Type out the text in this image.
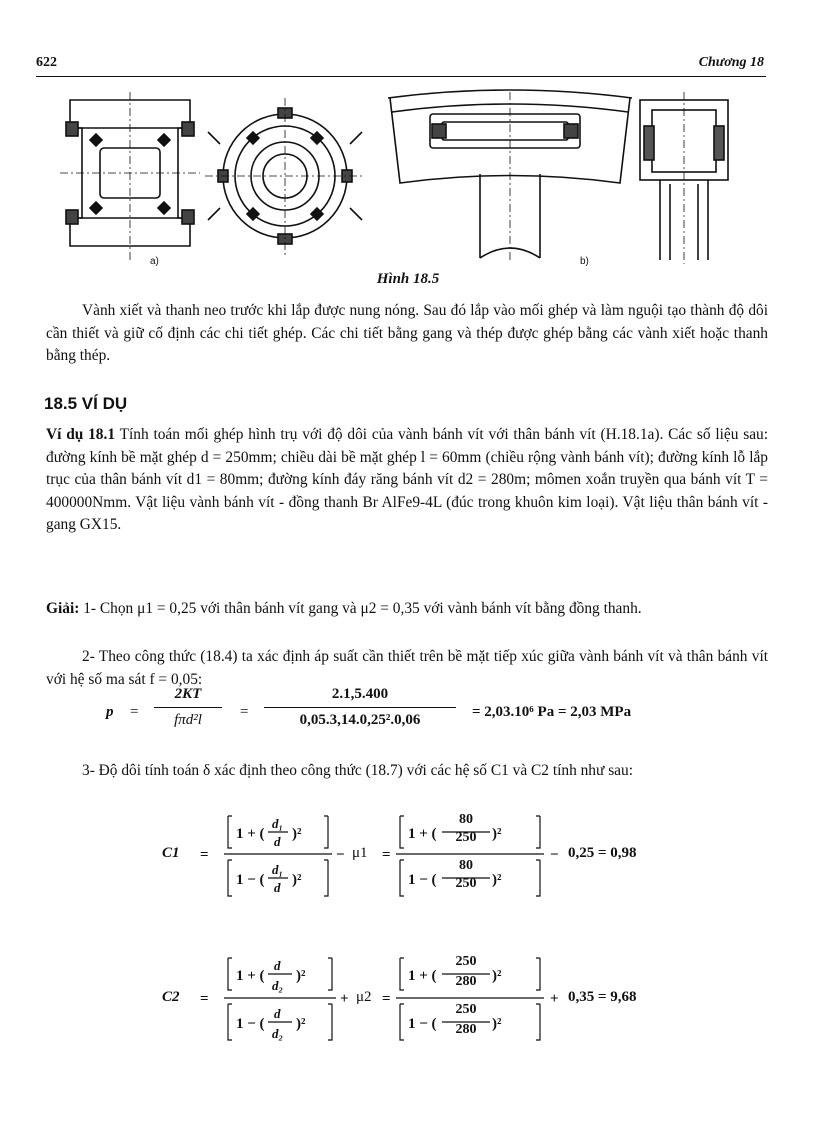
622	Chương 18
a)	b)
Hình 18.5
Vành xiết và thanh neo trước khi lắp được nung nóng. Sau đó lắp vào mối ghép và làm nguội tạo thành độ dôi cần thiết và giữ cố định các chi tiết ghép. Các chi tiết bằng gang và thép được ghép bằng các vành xiết hoặc thanh bằng thép.
18.5 VÍ DỤ
Ví dụ 18.1 Tính toán mối ghép hình trụ với độ dôi của vành bánh vít với thân bánh vít (H.18.1a). Các số liệu sau: đường kính bề mặt ghép d = 250mm; chiều dài bề mặt ghép l = 60mm (chiều rộng vành bánh vít); đường kính lỗ lắp trục của thân bánh vít d1 = 80mm; đường kính đáy răng bánh vít d2 = 280m; mômen xoắn truyền qua bánh vít T = 400000Nmm. Vật liệu vành bánh vít - đồng thanh Br AlFe9-4L (đúc trong khuôn kim loại). Vật liệu thân bánh vít - gang GX15.
Giải: 1- Chọn μ1 = 0,25 với thân bánh vít gang và μ2 = 0,35 với vành bánh vít bằng đồng thanh.
2- Theo công thức (18.4) ta xác định áp suất cần thiết trên bề mặt tiếp xúc giữa vành bánh vít và thân bánh vít với hệ số ma sát f = 0,05:
p =
2KT
fπd²l	=
2.1,5.400
0,05.3,14.0,25².0,06	= 2,03.10⁶ Pa = 2,03 MPa
3- Độ dôi tính toán δ xác định theo công thức (18.7) với các hệ số C1 và C2 tính như sau:
1 + (
d₁
d )²
1 − (
d₁
d )²
1 + (	)²
1 − (	)²
=
=	−	−
1 + (
d
d₂
)²
1 − (
d
d₂
)²
1 + (	)²
1 − (	)²
=
=	+	+
C1	μ1
80
250
80
250
0,25 = 0,98
C2	μ2
250
280
250
280
0,35 = 9,68
